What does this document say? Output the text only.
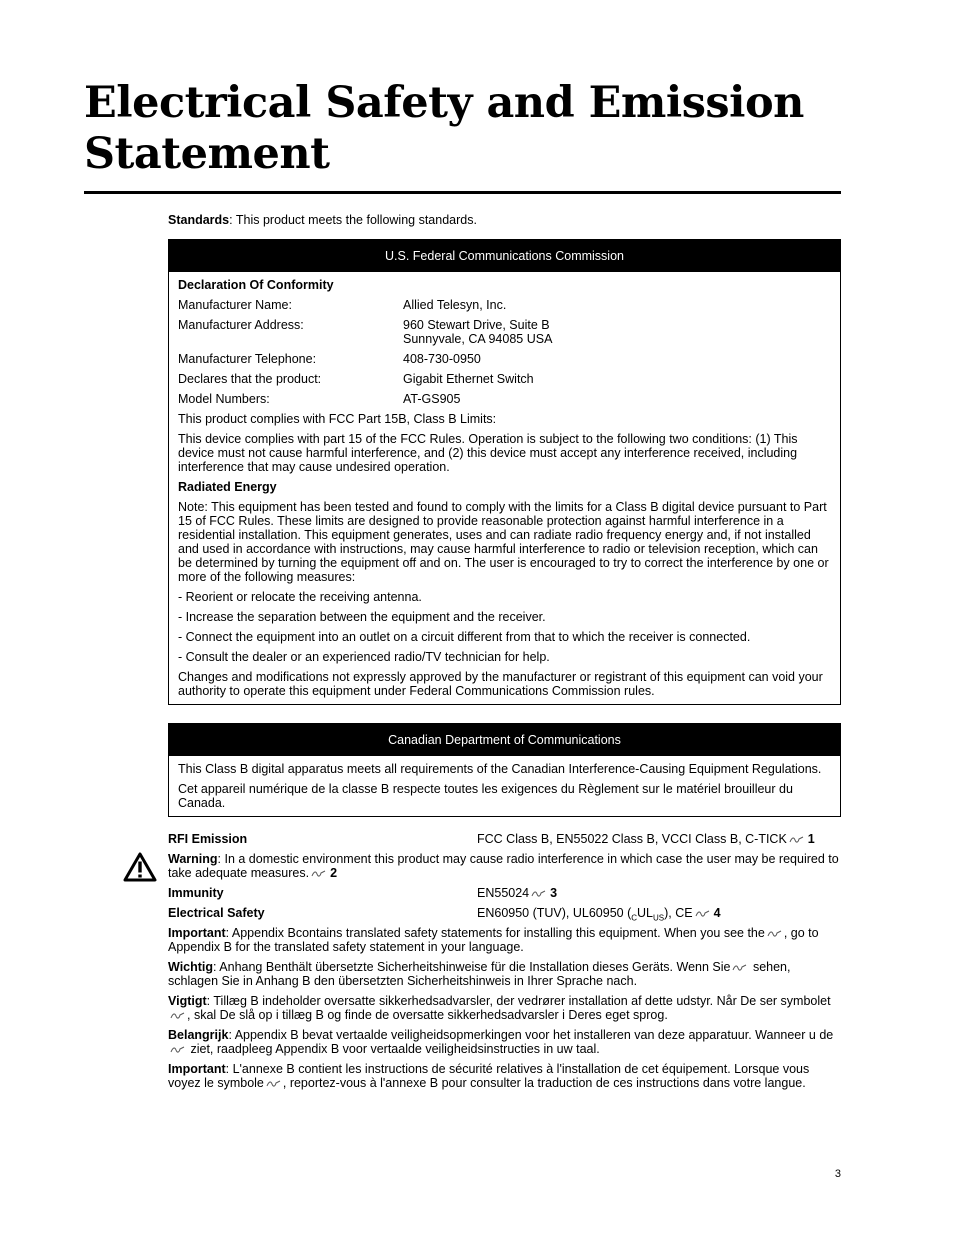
Electrical Safety and Emission
Statement

Standards: This product meets the following standards.

U.S. Federal Communications Commission

Declaration Of Conformity

Manufacturer Name:	Allied Telesyn, Inc.
Manufacturer Address:	960 Stewart Drive, Suite B
Sunnyvale, CA 94085 USA
Manufacturer Telephone:	408-730-0950
Declares that the product:	Gigabit Ethernet Switch
Model Numbers:	AT-GS905

This product complies with FCC Part 15B, Class B Limits:

This device complies with part 15 of the FCC Rules. Operation is subject to the following two conditions: (1) This device must not cause harmful interference, and (2) this device must accept any interference received, including interference that may cause undesired operation.

Radiated Energy

Note: This equipment has been tested and found to comply with the limits for a Class B digital device pursuant to Part 15 of FCC Rules. These limits are designed to provide reasonable protection against harmful interference in a residential installation. This equipment generates, uses and can radiate radio frequency energy and, if not installed and used in accordance with instructions, may cause harmful interference to radio or television reception, which can be determined by turning the equipment off and on. The user is encouraged to try to correct the interference by one or more of the following measures:

- Reorient or relocate the receiving antenna.

- Increase the separation between the equipment and the receiver.

- Connect the equipment into an outlet on a circuit different from that to which the receiver is connected.

- Consult the dealer or an experienced radio/TV technician for help.

Changes and modifications not expressly approved by the manufacturer or registrant of this equipment can void your authority to operate this equipment under Federal Communications Commission rules.

Canadian Department of Communications

This Class B digital apparatus meets all requirements of the Canadian Interference-Causing Equipment Regulations.

Cet appareil numérique de la classe B respecte toutes les exigences du Règlement sur le matériel brouilleur du Canada.

RFI Emission	FCC Class B, EN55022 Class B, VCCI Class B, C-TICK 1

Warning: In a domestic environment this product may cause radio interference in which case the user may be required to take adequate measures. 2

Immunity	EN55024 3
Electrical Safety	EN60950 (TUV), UL60950 $(_CUL_{US})$, CE 4

Important: Appendix Bcontains translated safety statements for installing this equipment. When you see the , go to Appendix B for the translated safety statement in your language.

Wichtig: Anhang Benthält übersetzte Sicherheitshinweise für die Installation dieses Geräts. Wenn Sie sehen, schlagen Sie in Anhang B den übersetzten Sicherheitshinweis in Ihrer Sprache nach.

Vigtigt: Tillæg B indeholder oversatte sikkerhedsadvarsler, der vedrører installation af dette udstyr. Når De ser symbolet, skal De slå op i tillæg B og finde de oversatte sikkerhedsadvarsler i Deres eget sprog.

Belangrijk: Appendix B bevat vertaalde veiligheidsopmerkingen voor het installeren van deze apparatuur. Wanneer u de ziet, raadpleeg Appendix B voor vertaalde veiligheidsinstructies in uw taal.

Important: L'annexe B contient les instructions de sécurité relatives à l'installation de cet équipement. Lorsque vous voyez le symbole , reportez-vous à l'annexe B pour consulter la traduction de ces instructions dans votre langue.

3
